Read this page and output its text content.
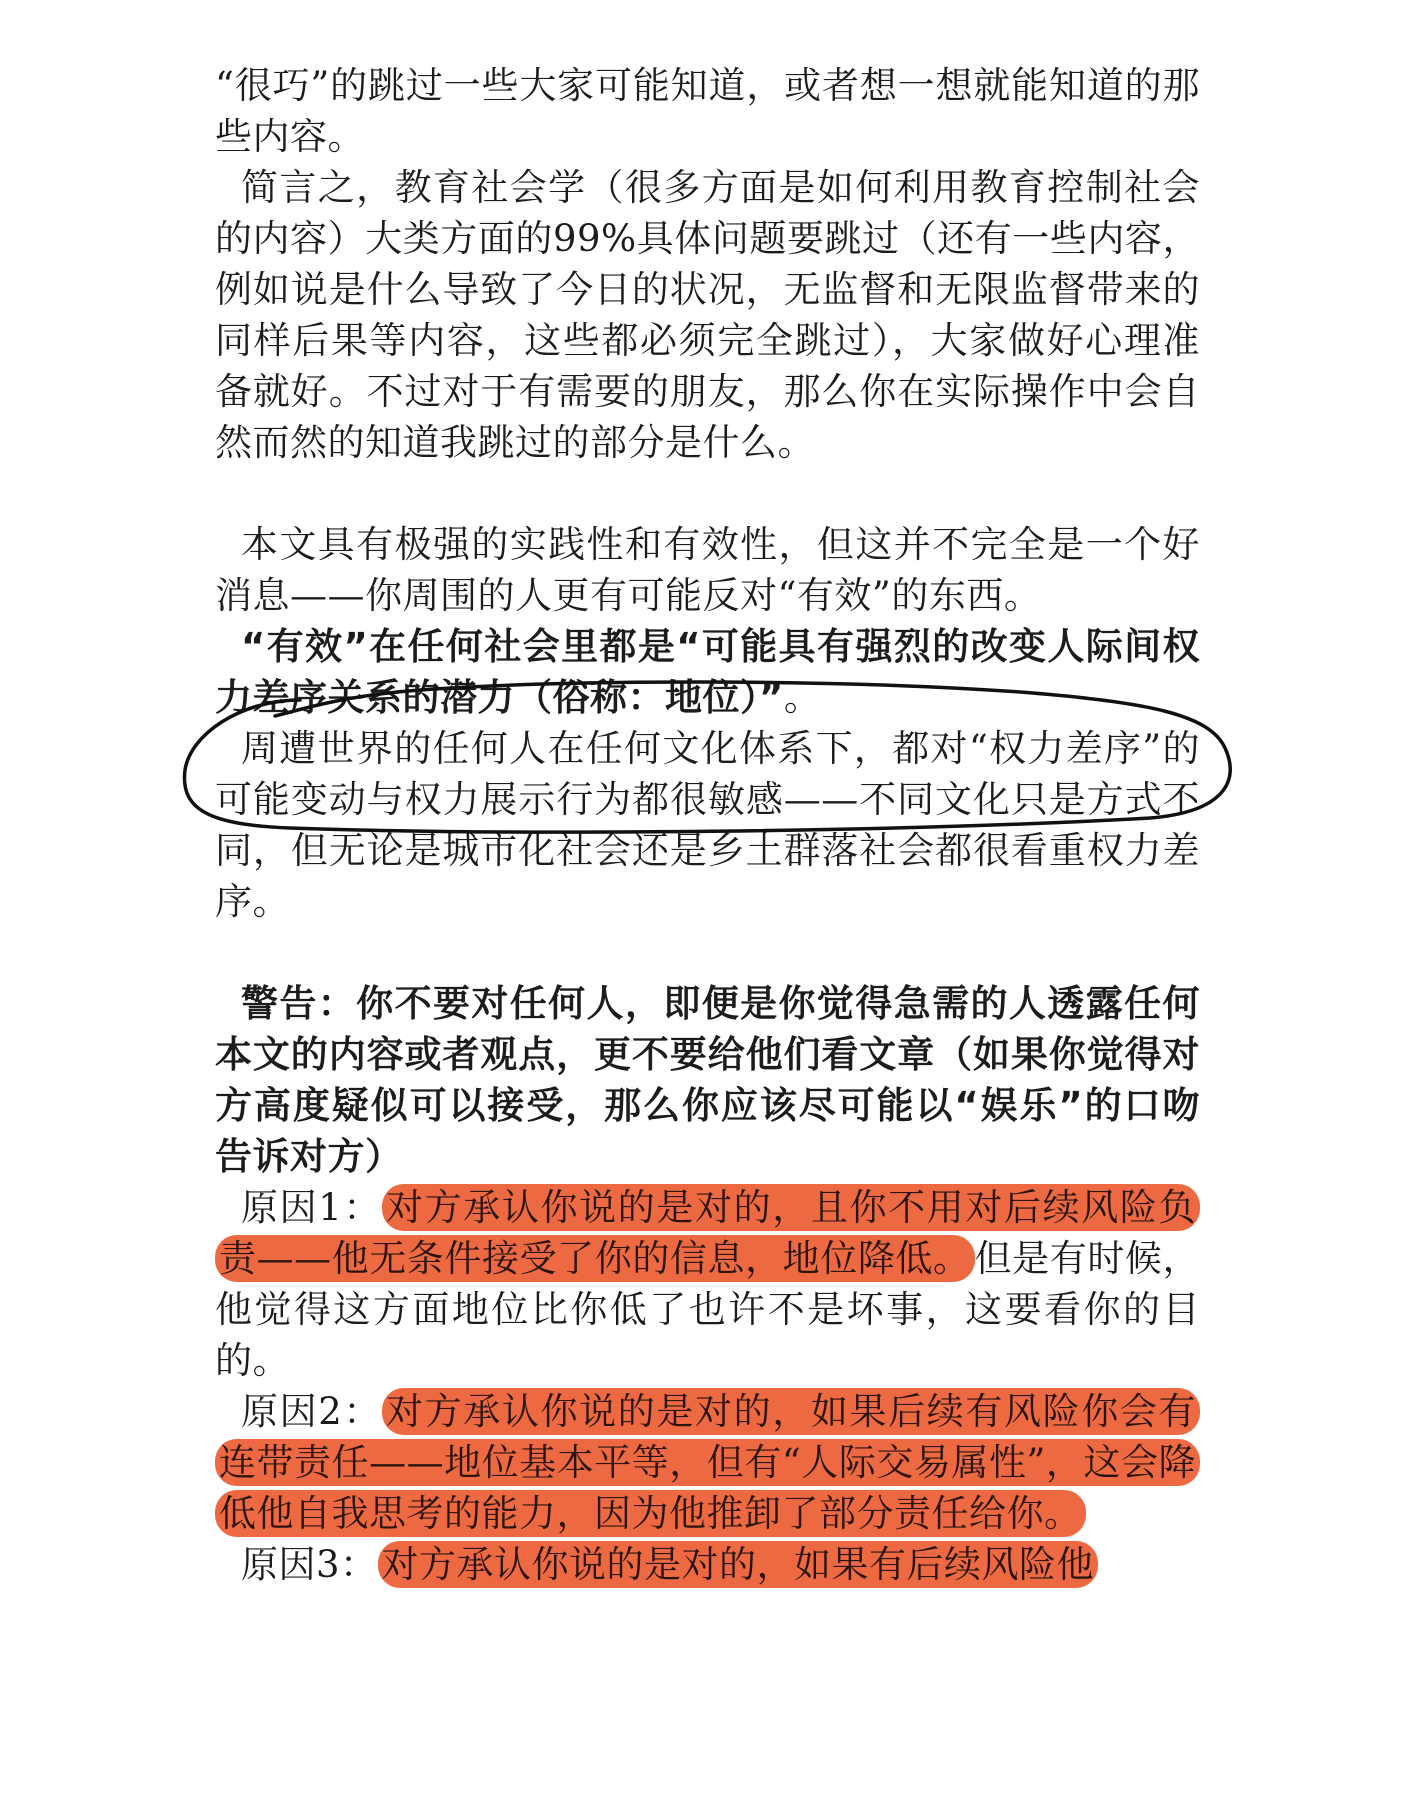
“很巧”的跳过一些大家可能知道，或者想一想就能知道的那些内容。

简言之，教育社会学（很多方面是如何利用教育控制社会的内容）大类方面的99%具体问题要跳过（还有一些内容，例如说是什么导致了今日的状况，无监督和无限监督带来的同样后果等内容，这些都必须完全跳过），大家做好心理准备就好。不过对于有需要的朋友，那么你在实际操作中会自然而然的知道我跳过的部分是什么。

本文具有极强的实践性和有效性，但这并不完全是一个好消息——你周围的人更有可能反对“有效”的东西。

“有效”在任何社会里都是“可能具有强烈的改变人际间权力差序关系的潜力（俗称：地位）”。

周遭世界的任何人在任何文化体系下，都对“权力差序”的可能变动与权力展示行为都很敏感——不同文化只是方式不同，但无论是城市化社会还是乡土群落社会都很看重权力差序。

警告：你不要对任何人，即便是你觉得急需的人透露任何本文的内容或者观点，更不要给他们看文章（如果你觉得对方高度疑似可以接受，那么你应该尽可能以“娱乐”的口吻告诉对方）

原因1： 对方承认你说的是对的，且你不用对后续风险负责——他无条件接受了你的信息，地位降低。 但是有时候，他觉得这方面地位比你低了也许不是坏事，这要看你的目的。

原因2： 对方承认你说的是对的，如果后续有风险你会有连带责任——地位基本平等，但有“人际交易属性”，这会降低他自我思考的能力，因为他推卸了部分责任给你。

原因3： 对方承认你说的是对的，如果有后续风险他
